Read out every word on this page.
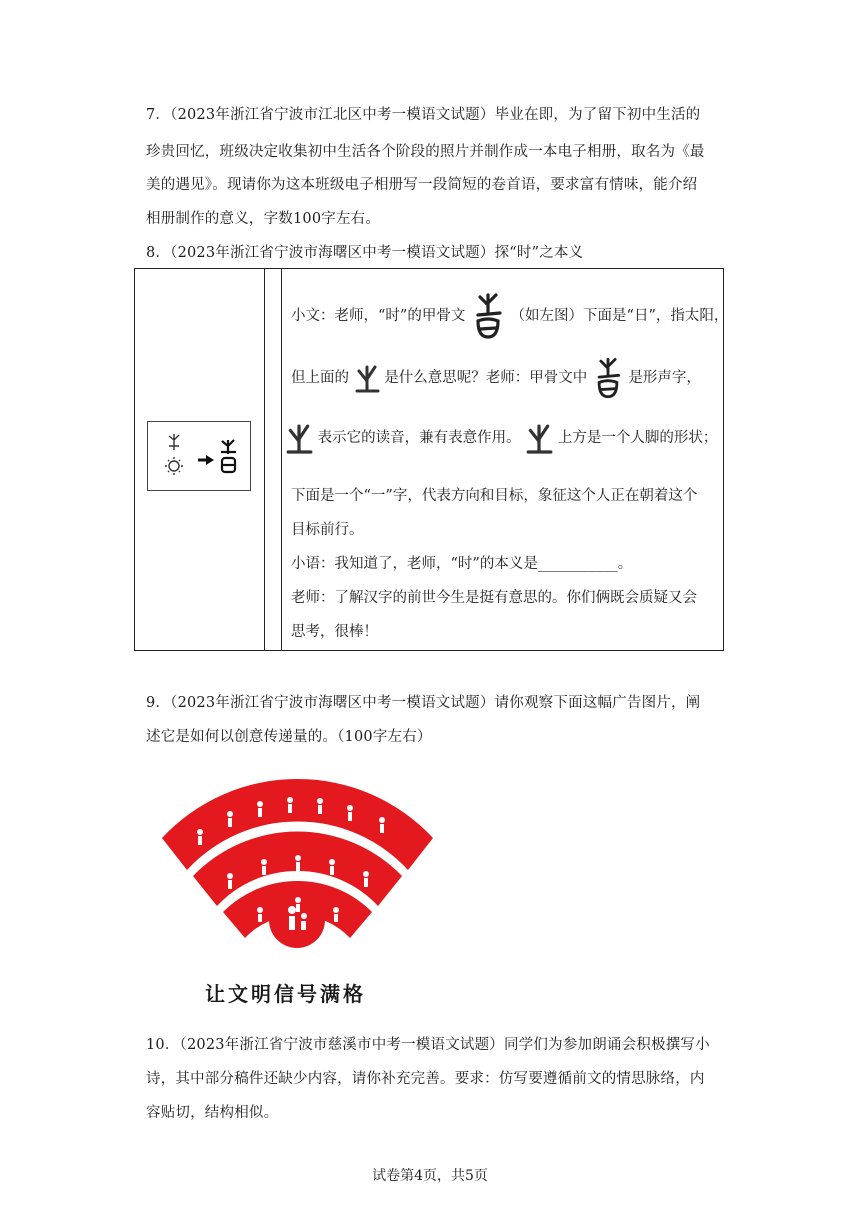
7．（2023年浙江省宁波市江北区中考一模语文试题）毕业在即，为了留下初中生活的
珍贵回忆，班级决定收集初中生活各个阶段的照片并制作成一本电子相册，取名为《最
美的遇见》。现请你为这本班级电子相册写一段简短的卷首语，要求富有情味，能介绍
相册制作的意义，字数100字左右。
8．（2023年浙江省宁波市海曙区中考一模语文试题）探“时”之本义
小文：老师，“时”的甲骨文	（如左图）下面是“日”，指太阳，
但上面的 是什么意思呢？老师：甲骨文中	是形声字，
表示它的读音，兼有表意作用。	上方是一个人脚的形状；
下面是一个“一”字，代表方向和目标，象征这个人正在朝着这个
目标前行。
小语：我知道了，老师，“时”的本义是___________。
老师：了解汉字的前世今生是挺有意思的。你们俩既会质疑又会
思考，很棒！
9．（2023年浙江省宁波市海曙区中考一模语文试题）请你观察下面这幅广告图片，阐
述它是如何以创意传递量的。（100字左右）
让文明信号满格
10．（2023年浙江省宁波市慈溪市中考一模语文试题）同学们为参加朗诵会积极撰写小
诗，其中部分稿件还缺少内容，请你补充完善。要求：仿写要遵循前文的情思脉络，内
容贴切，结构相似。
试卷第4页，共5页
